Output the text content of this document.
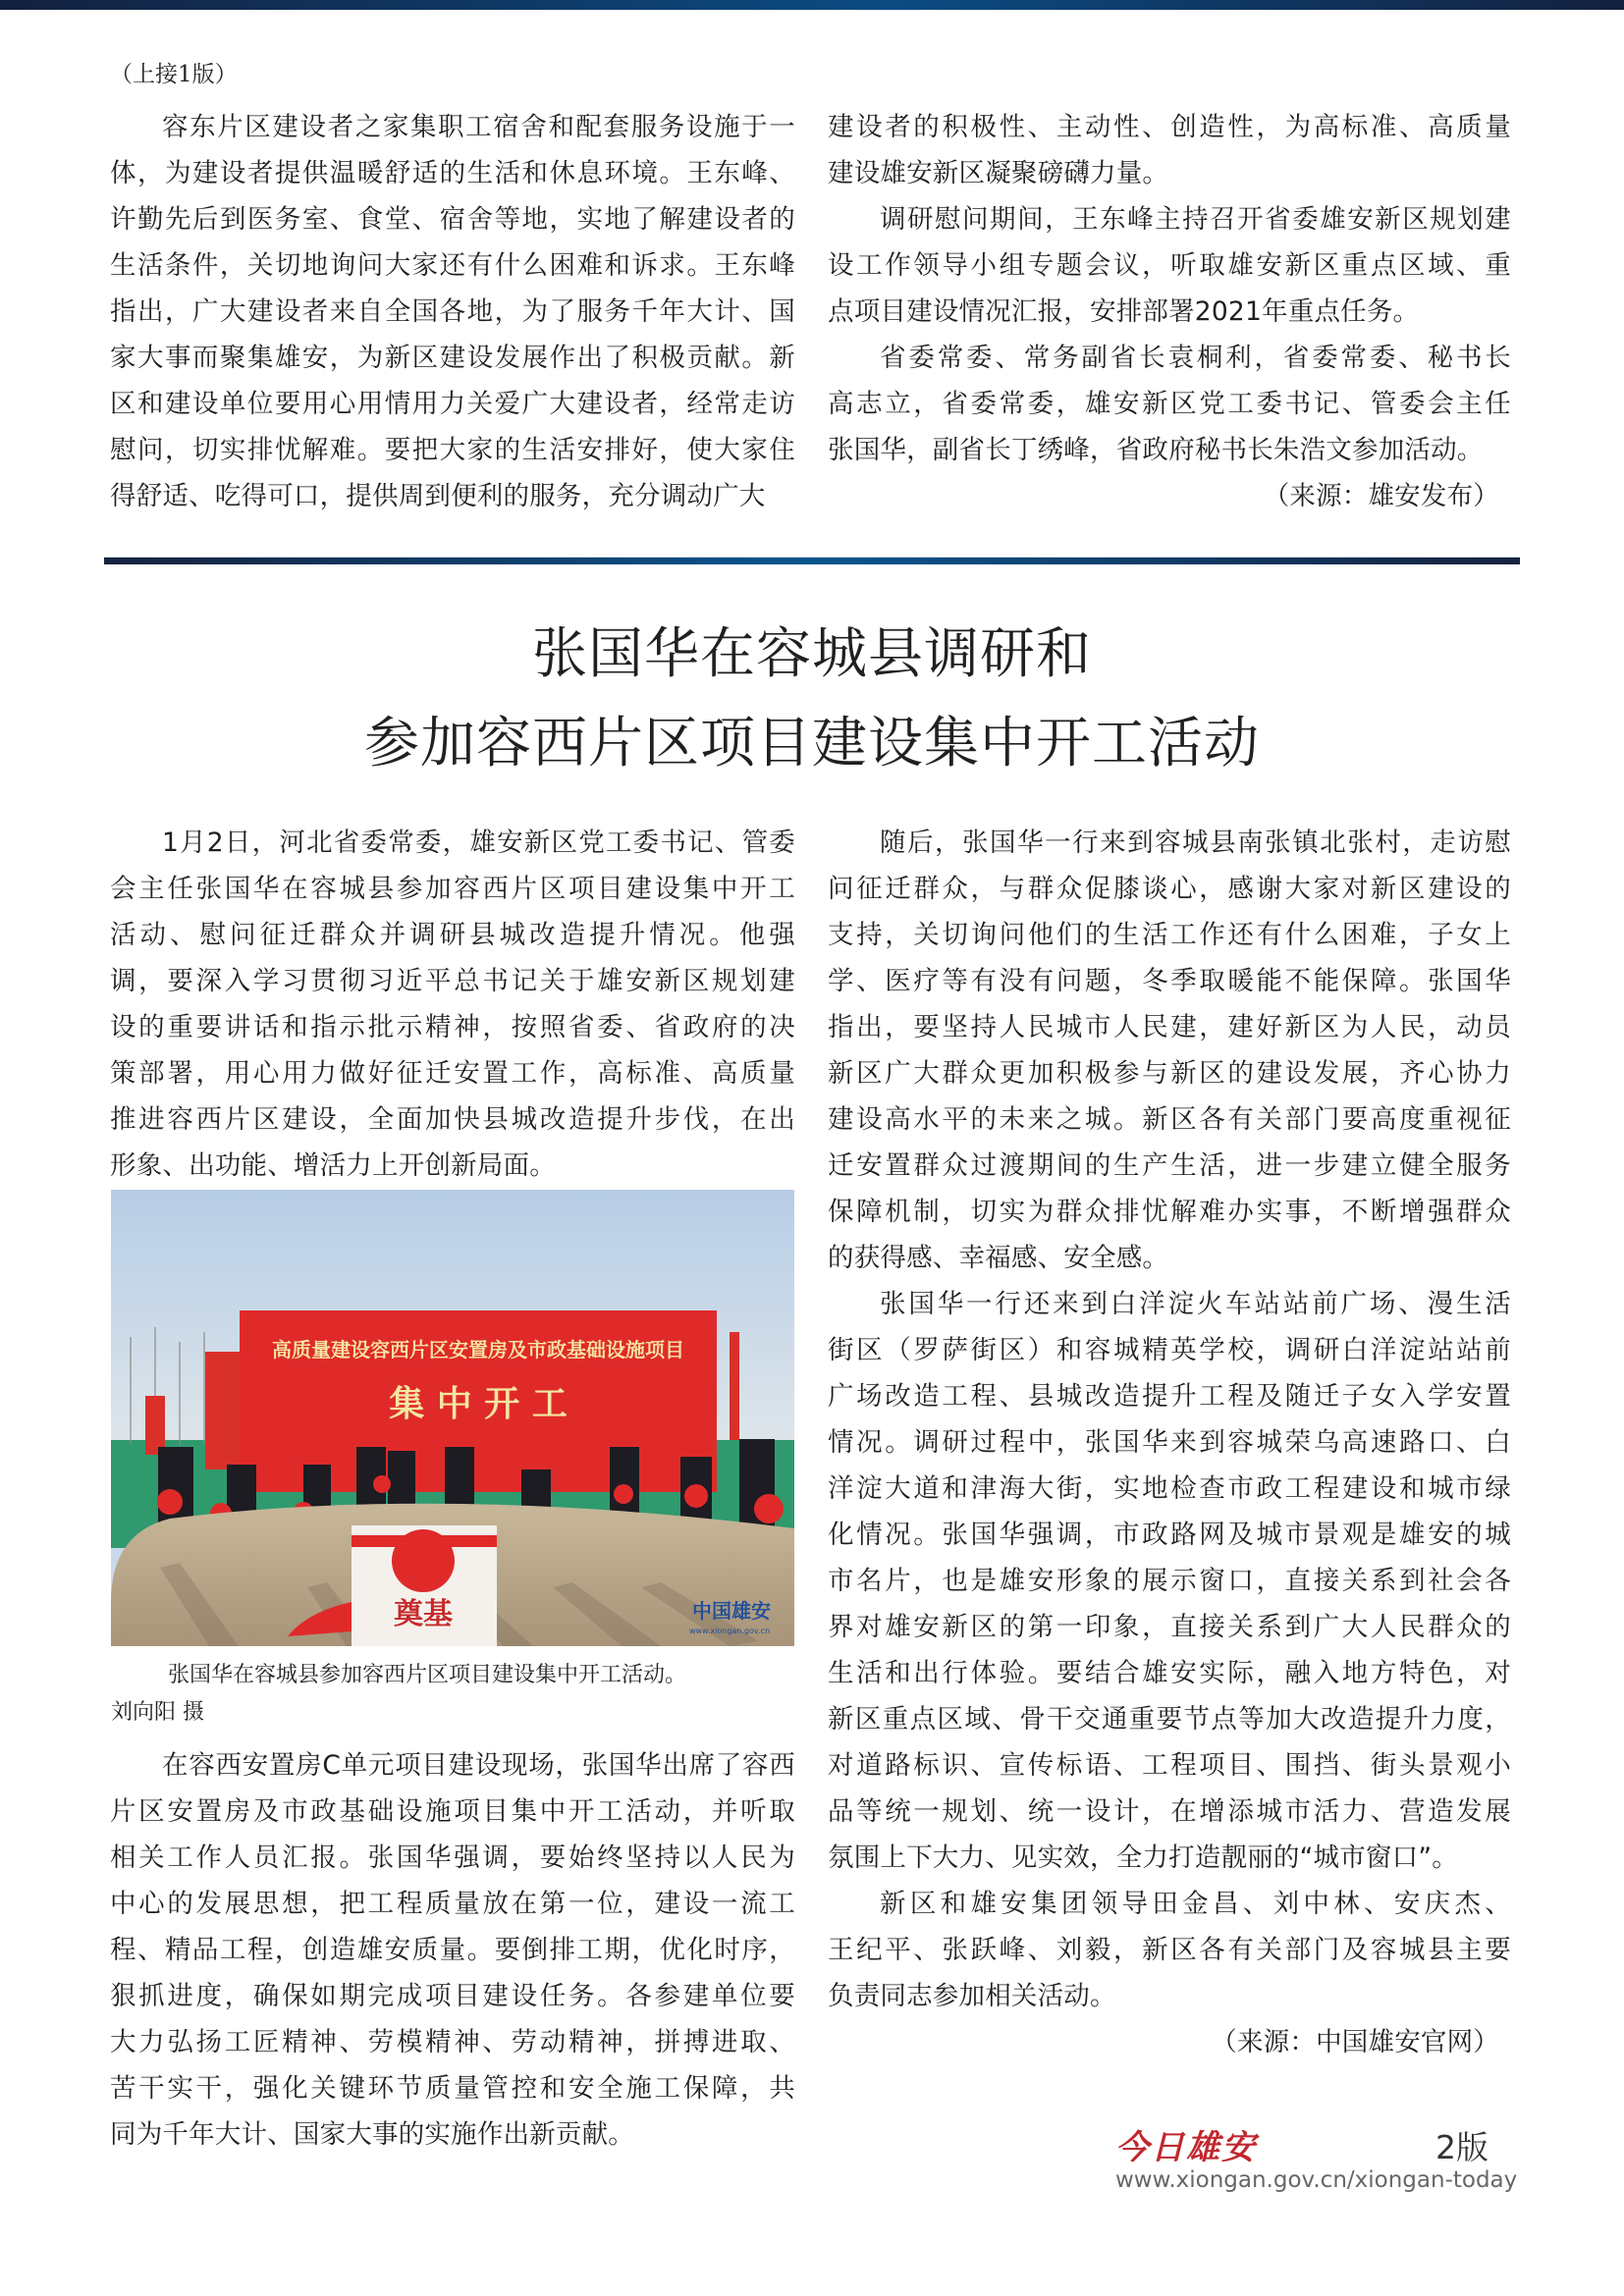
（上接1版）
容东片区建设者之家集职工宿舍和配套服务设施于一
体，为建设者提供温暖舒适的生活和休息环境。王东峰、
许勤先后到医务室、食堂、宿舍等地，实地了解建设者的
生活条件，关切地询问大家还有什么困难和诉求。王东峰
指出，广大建设者来自全国各地，为了服务千年大计、国
家大事而聚集雄安，为新区建设发展作出了积极贡献。新
区和建设单位要用心用情用力关爱广大建设者，经常走访
慰问，切实排忧解难。要把大家的生活安排好，使大家住
得舒适、吃得可口，提供周到便利的服务，充分调动广大
建设者的积极性、主动性、创造性，为高标准、高质量
建设雄安新区凝聚磅礴力量。
调研慰问期间，王东峰主持召开省委雄安新区规划建
设工作领导小组专题会议，听取雄安新区重点区域、重
点项目建设情况汇报，安排部署2021年重点任务。
省委常委、常务副省长袁桐利，省委常委、秘书长
高志立，省委常委，雄安新区党工委书记、管委会主任
张国华，副省长丁绣峰，省政府秘书长朱浩文参加活动。
（来源：雄安发布）
张国华在容城县调研和
参加容西片区项目建设集中开工活动
1月2日，河北省委常委，雄安新区党工委书记、管委
会主任张国华在容城县参加容西片区项目建设集中开工
活动、慰问征迁群众并调研县城改造提升情况。他强
调，要深入学习贯彻习近平总书记关于雄安新区规划建
设的重要讲话和指示批示精神，按照省委、省政府的决
策部署，用心用力做好征迁安置工作，高标准、高质量
推进容西片区建设，全面加快县城改造提升步伐，在出
形象、出功能、增活力上开创新局面。
高质量建设容西片区安置房及市政基础设施项目
集 中 开 工
奠基	中国雄安
www.xiongan.gov.cn
张国华在容城县参加容西片区项目建设集中开工活动。
刘向阳 摄
在容西安置房C单元项目建设现场，张国华出席了容西
片区安置房及市政基础设施项目集中开工活动，并听取
相关工作人员汇报。张国华强调，要始终坚持以人民为
中心的发展思想，把工程质量放在第一位，建设一流工
程、精品工程，创造雄安质量。要倒排工期，优化时序，
狠抓进度，确保如期完成项目建设任务。各参建单位要
大力弘扬工匠精神、劳模精神、劳动精神，拼搏进取、
苦干实干，强化关键环节质量管控和安全施工保障，共
同为千年大计、国家大事的实施作出新贡献。
随后，张国华一行来到容城县南张镇北张村，走访慰
问征迁群众，与群众促膝谈心，感谢大家对新区建设的
支持，关切询问他们的生活工作还有什么困难，子女上
学、医疗等有没有问题，冬季取暖能不能保障。张国华
指出，要坚持人民城市人民建，建好新区为人民，动员
新区广大群众更加积极参与新区的建设发展，齐心协力
建设高水平的未来之城。新区各有关部门要高度重视征
迁安置群众过渡期间的生产生活，进一步建立健全服务
保障机制，切实为群众排忧解难办实事，不断增强群众
的获得感、幸福感、安全感。
张国华一行还来到白洋淀火车站站前广场、漫生活
街区（罗萨街区）和容城精英学校，调研白洋淀站站前
广场改造工程、县城改造提升工程及随迁子女入学安置
情况。调研过程中，张国华来到容城荣乌高速路口、白
洋淀大道和津海大街，实地检查市政工程建设和城市绿
化情况。张国华强调，市政路网及城市景观是雄安的城
市名片，也是雄安形象的展示窗口，直接关系到社会各
界对雄安新区的第一印象，直接关系到广大人民群众的
生活和出行体验。要结合雄安实际，融入地方特色，对
新区重点区域、骨干交通重要节点等加大改造提升力度，
对道路标识、宣传标语、工程项目、围挡、街头景观小
品等统一规划、统一设计，在增添城市活力、营造发展
氛围上下大力、见实效，全力打造靓丽的“城市窗口”。
新区和雄安集团领导田金昌、刘中林、安庆杰、
王纪平、张跃峰、刘毅，新区各有关部门及容城县主要
负责同志参加相关活动。
（来源：中国雄安官网）
今日雄安	2版
www.xiongan.gov.cn/xiongan-today
